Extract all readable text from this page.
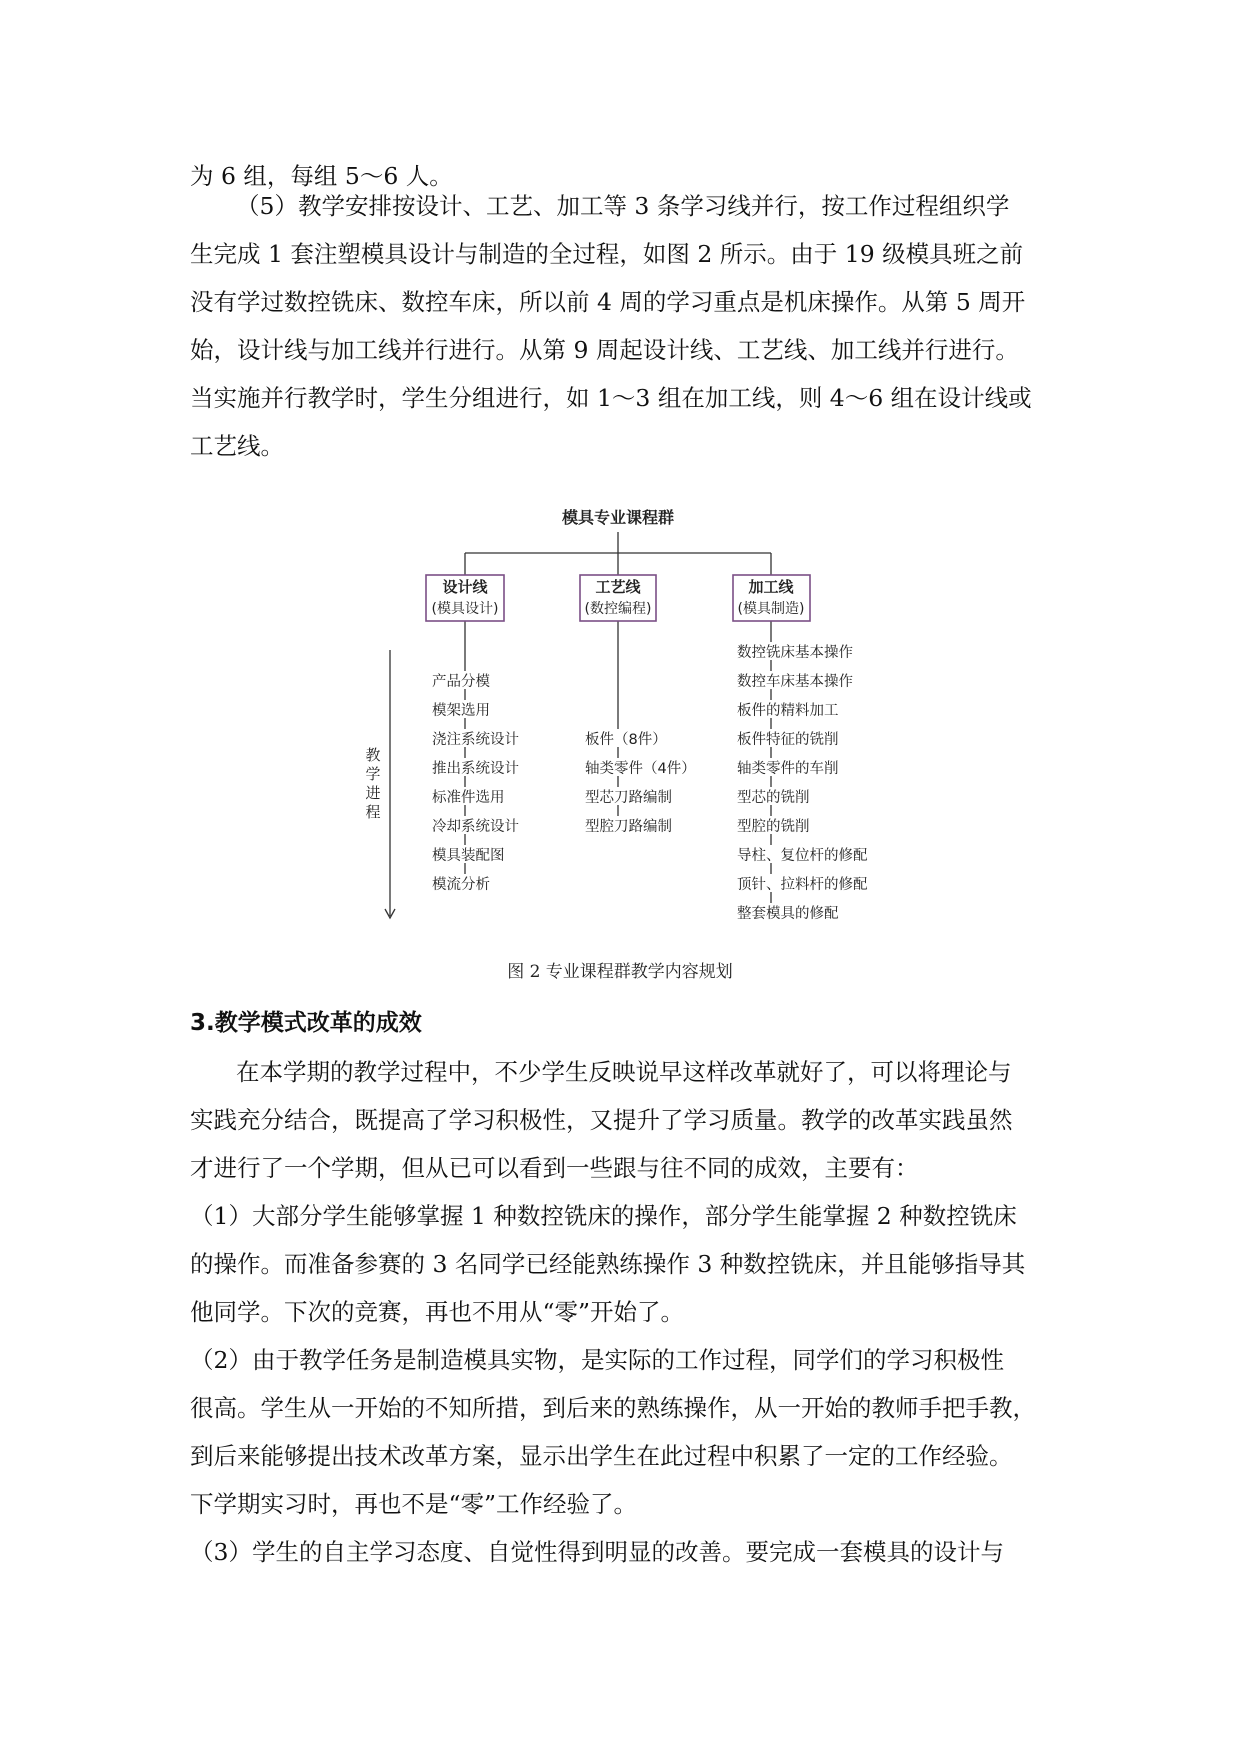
为 6 组，每组 5～6 人。

（5）教学安排按设计、工艺、加工等 3 条学习线并行，按工作过程组织学
生完成 1 套注塑模具设计与制造的全过程，如图 2 所示。由于 19 级模具班之前
没有学过数控铣床、数控车床，所以前 4 周的学习重点是机床操作。从第 5 周开
始，设计线与加工线并行进行。从第 9 周起设计线、工艺线、加工线并行进行。
当实施并行教学时，学生分组进行，如 1～3 组在加工线，则 4～6 组在设计线或
工艺线。

模具专业课程群
设计线
(模具设计)
工艺线
(数控编程)
加工线
(模具制造)
产品分模
模架选用
浇注系统设计
推出系统设计
标准件选用
冷却系统设计
模具装配图
模流分析
板件（8件）
轴类零件（4件）
型芯刀路编制
型腔刀路编制
数控铣床基本操作
数控车床基本操作
板件的精料加工
板件特征的铣削
轴类零件的车削
型芯的铣削
型腔的铣削
导柱、复位杆的修配
顶针、拉料杆的修配
整套模具的修配
教
学
进
程
图 2 专业课程群教学内容规划
3.教学模式改革的成效

在本学期的教学过程中，不少学生反映说早这样改革就好了，可以将理论与
实践充分结合，既提高了学习积极性，又提升了学习质量。教学的改革实践虽然
才进行了一个学期，但从已可以看到一些跟与往不同的成效，主要有：

（1）大部分学生能够掌握 1 种数控铣床的操作，部分学生能掌握 2 种数控铣床
的操作。而准备参赛的 3 名同学已经能熟练操作 3 种数控铣床，并且能够指导其
他同学。下次的竞赛，再也不用从“零”开始了。

（2）由于教学任务是制造模具实物，是实际的工作过程，同学们的学习积极性
很高。学生从一开始的不知所措，到后来的熟练操作，从一开始的教师手把手教，
到后来能够提出技术改革方案，显示出学生在此过程中积累了一定的工作经验。
下学期实习时，再也不是“零”工作经验了。

（3）学生的自主学习态度、自觉性得到明显的改善。要完成一套模具的设计与
